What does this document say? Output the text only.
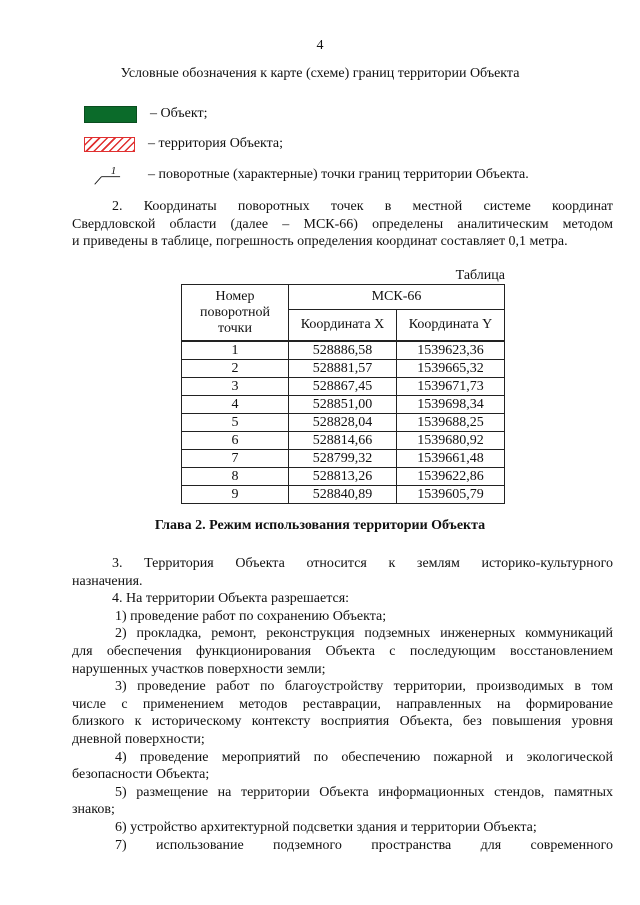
4
Условные обозначения к карте (схеме) границ территории Объекта
– Объект;
– территория Объекта;
1 – поворотные (характерные) точки границ территории Объекта.
2. Координаты поворотных точек в местной системе координат
Свердловской области (далее – МСК-66) определены аналитическим методом
и приведены в таблице, погрешность определения координат составляет 0,1 метра.
Таблица
Номер
поворотной
точки	МСК-66	
	Координата X	Координата Y
1	528886,58	1539623,36
2	528881,57	1539665,32
3	528867,45	1539671,73
4	528851,00	1539698,34
5	528828,04	1539688,25
6	528814,66	1539680,92
7	528799,32	1539661,48
8	528813,26	1539622,86
9	528840,89	1539605,79
Глава 2. Режим использования территории Объекта
3. Территория Объекта относится к землям историко-культурного
назначения.
4. На территории Объекта разрешается:
1) проведение работ по сохранению Объекта;
2) прокладка, ремонт, реконструкция подземных инженерных коммуникаций
для обеспечения функционирования Объекта с последующим восстановлением
нарушенных участков поверхности земли;
3) проведение работ по благоустройству территории, производимых в том
числе с применением методов реставрации, направленных на формирование
близкого к историческому контексту восприятия Объекта, без повышения уровня
дневной поверхности;
4) проведение мероприятий по обеспечению пожарной и экологической
безопасности Объекта;
5) размещение на территории Объекта информационных стендов, памятных
знаков;
6) устройство архитектурной подсветки здания и территории Объекта;
7) использование подземного пространства для современного
